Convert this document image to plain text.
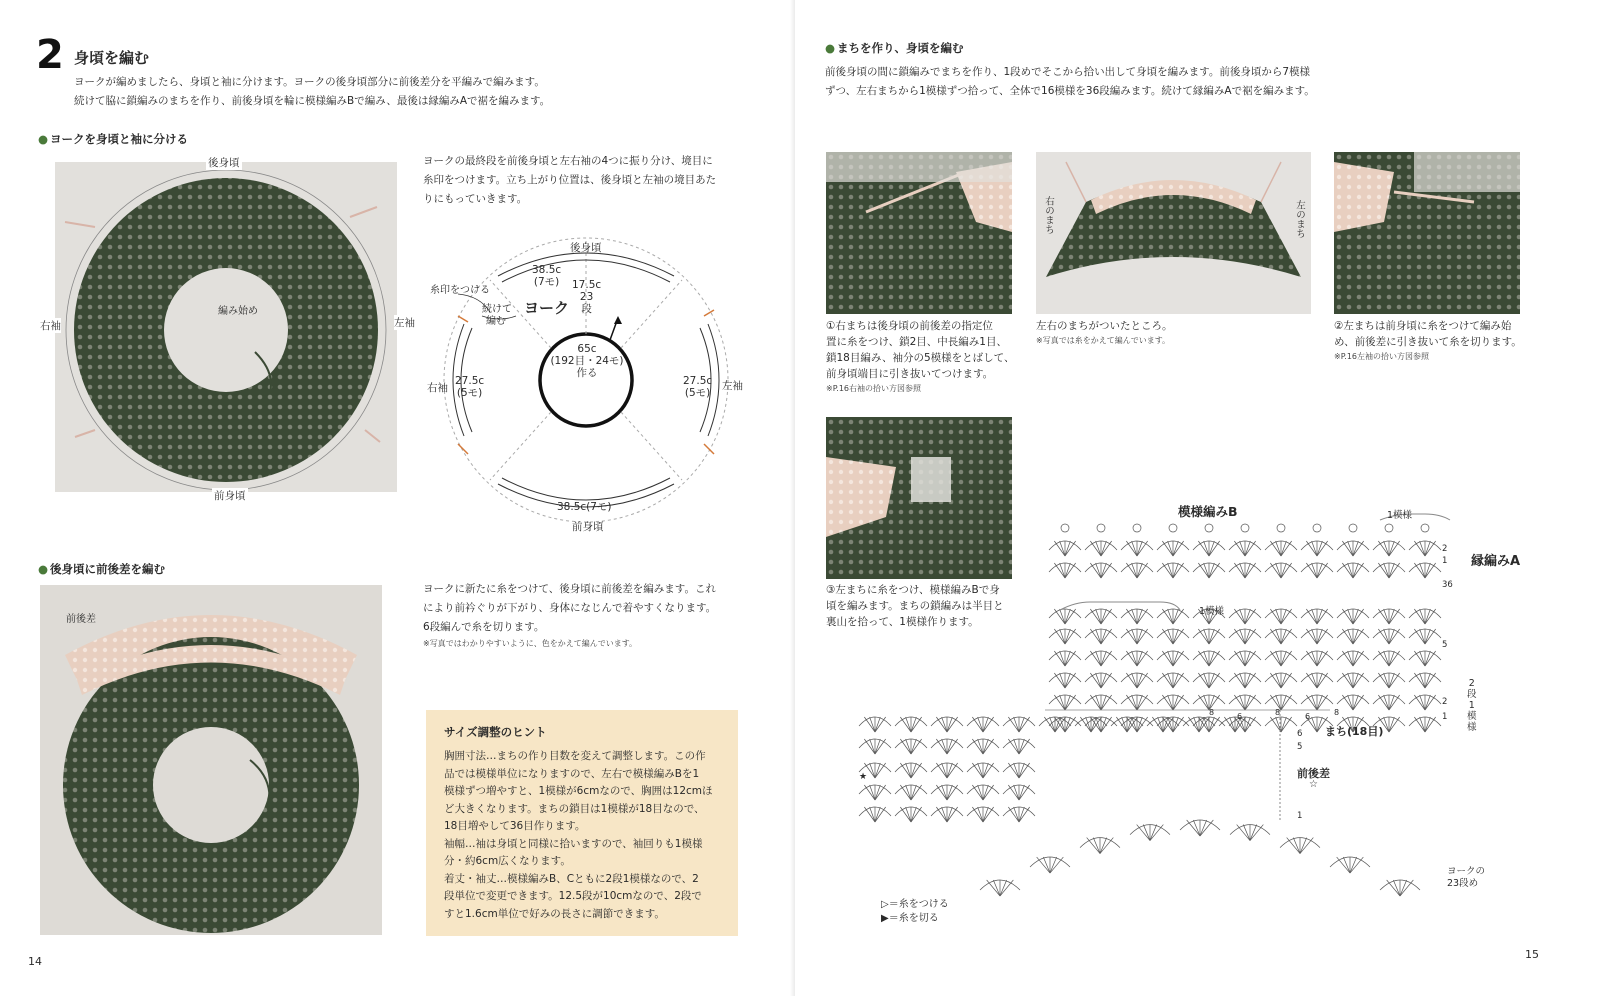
2 身頃を編む
ヨークが編めましたら、身頃と袖に分けます。ヨークの後身頃部分に前後差分を平編みで編みます。
続けて脇に鎖編みのまちを作り、前後身頃を輪に模様編みBで編み、最後は縁編みAで裾を編みます。
● ヨークを身頃と袖に分ける
後身頃
前身頃
右袖	左袖
編み始め
ヨークの最終段を前後身頃と左右袖の4つに振り分け、境目に
糸印をつけます。立ち上がり位置は、後身頃と左袖の境目あた
りにもっていきます。
後身頃
前身頃
右袖	左袖
糸印をつける
続けて
編む
ヨーク
38.5c
(7モ) 17.5c
23
段
65c
(192目・24モ)
作る
27.5c
(5モ)
27.5c
(5モ)
38.5c(7モ)
● 後身頃に前後差を編む
前後差
ヨークに新たに糸をつけて、後身頃に前後差を編みます。これ
により前衿ぐりが下がり、身体になじんで着やすくなります。
6段編んで糸を切ります。
※写真ではわかりやすいように、色をかえて編んでいます。
サイズ調整のヒント
胸囲寸法…まちの作り目数を変えて調整します。この作
品では模様単位になりますので、左右で模様編みBを1
模様ずつ増やすと、1模様が6cmなので、胸囲は12cmほ
ど大きくなります。まちの鎖目は1模様が18目なので、
18目増やして36目作ります。
袖幅…袖は身頃と同様に拾いますので、袖回りも1模様
分・約6cm広くなります。
着丈・袖丈…模様編みB、Cともに2段1模様なので、2
段単位で変更できます。12.5段が10cmなので、2段で
すと1.6cm単位で好みの長さに調節できます。
14
● まちを作り、身頃を編む
前後身頃の間に鎖編みでまちを作り、1段めでそこから拾い出して身頃を編みます。前後身頃から7模様
ずつ、左右まちから1模様ずつ拾って、全体で16模様を36段編みます。続けて縁編みAで裾を編みます。
右のまち	左のまち
①右まちは後身頃の前後差の指定位
置に糸をつけ、鎖2目、中長編み1目、
鎖18目編み、袖分の5模様をとばして、
前身頃端目に引き抜いてつけます。
※P.16右袖の拾い方図参照
左右のまちがついたところ。
※写真では糸をかえて編んでいます。
②左まちは前身頃に糸をつけて編み始
め、前後差に引き抜いて糸を切ります。
※P.16左袖の拾い方図参照
③左まちに糸をつけ、模様編みBで身
頃を編みます。まちの鎖編みは半目と
裏山を拾って、1模様作ります。
模様編みB	1模様
1模様
縁編みA
2
1
36
5
2
1
2
段
1
模
様
まち(18目)
前後差
☆
★
6
5
1
8	8	8
6	6
ヨークの
23段め
▷＝糸をつける
▶＝糸を切る
15
